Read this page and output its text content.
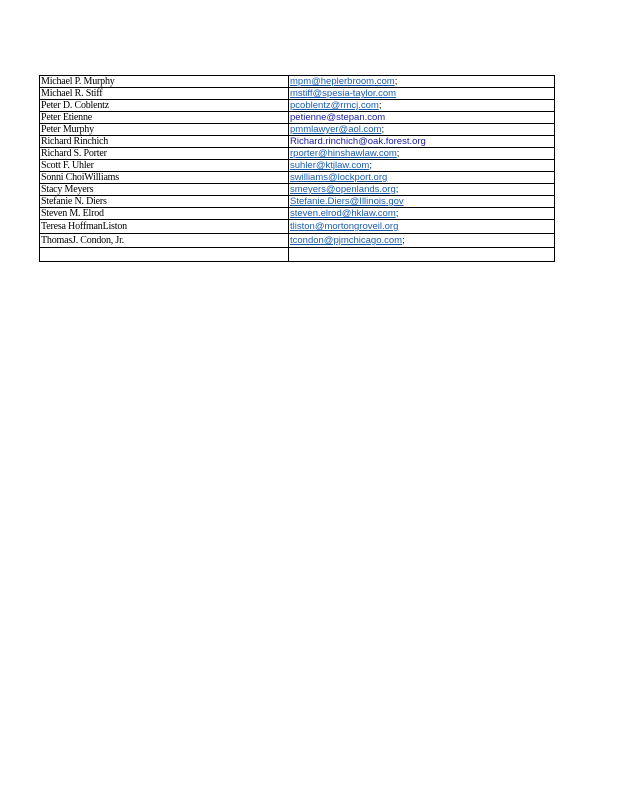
Michael P. Murphy	mpm@heplerbroom.com;
Michael R. Stiff	mstiff@spesia-taylor.com
Peter D. Coblentz	pcoblentz@rmcj.com;
Peter Etienne	petienne@stepan.com
Peter Murphy	pmmlawyer@aol.com;
Richard Rinchich	Richard.rinchich@oak.forest.org
Richard S. Porter	rporter@hinshawlaw.com;
Scott F. Uhler	suhler@ktjlaw.com;
Sonni ChoiWilliams	swilliams@lockport.org
Stacy Meyers	smeyers@openlands.org;
Stefanie N. Diers	Stefanie.Diers@Illinois.gov
Steven M. Elrod	steven.elrod@hklaw.com;
Teresa HoffmanListon	tliston@mortongroveil.org
ThomasJ. Condon, Jr.	tcondon@pjmchicago.com;
